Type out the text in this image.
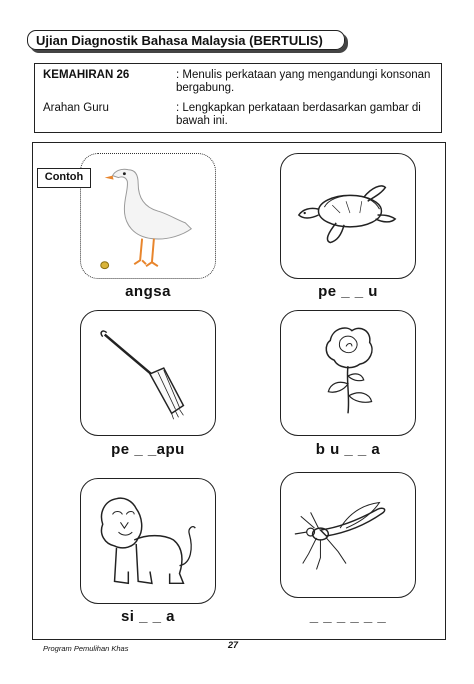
Ujian Diagnostik Bahasa Malaysia (BERTULIS)
KEMAHIRAN 26	: Menulis perkataan yang mengandungi konsonan bergabung.
Arahan Guru	: Lengkapkan perkataan berdasarkan gambar di bawah ini.
Contoh
angsa	pe _ _ u
pe _ _apu	b u _ _ a
si _ _ a	_ _ _ _ _ _
Program Pemulihan Khas	27
